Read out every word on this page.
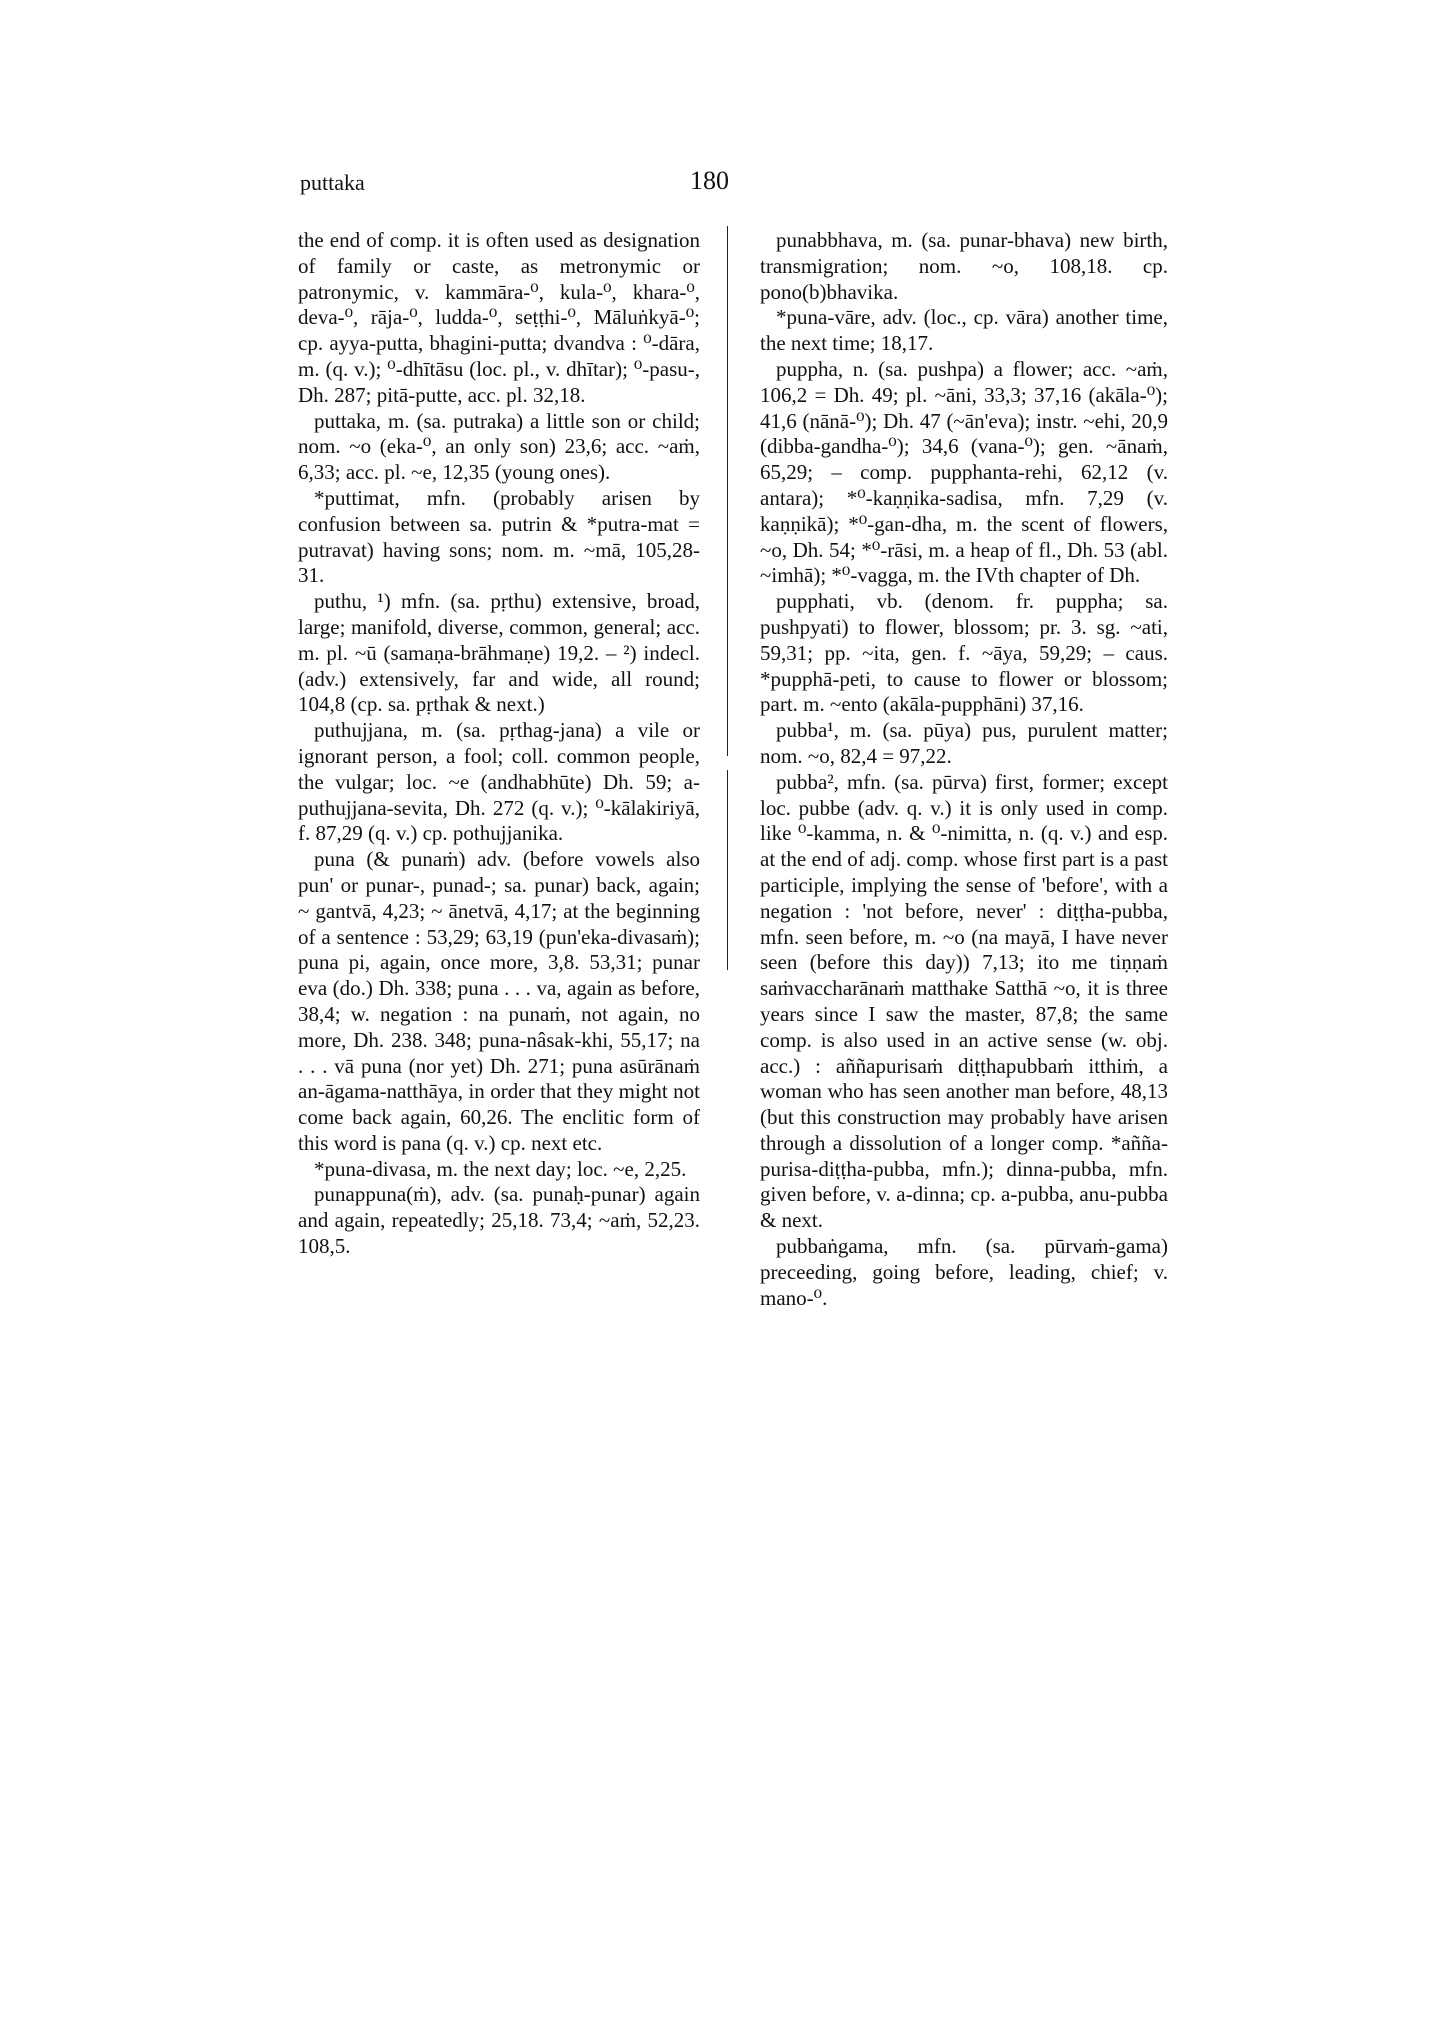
puttaka	180

the end of comp. it is often used as designation of family or caste, as metronymic or patronymic, v. kammāra-⁰, kula-⁰, khara-⁰, deva-⁰, rāja-⁰, ludda-⁰, seṭṭhi-⁰, Māluṅkyā-⁰; cp. ayya-putta, bhagini-putta; dvandva : ⁰-dāra, m. (q. v.); ⁰-dhītāsu (loc. pl., v. dhītar); ⁰-pasu-, Dh. 287; pitā-putte, acc. pl. 32,18.

puttaka, m. (sa. putraka) a little son or child; nom. ~o (eka-⁰, an only son) 23,6; acc. ~aṁ, 6,33; acc. pl. ~e, 12,35 (young ones).

*puttimat, mfn. (probably arisen by confusion between sa. putrin & *putra-mat = putravat) having sons; nom. m. ~mā, 105,28-31.

puthu, ¹) mfn. (sa. pṛthu) extensive, broad, large; manifold, diverse, common, general; acc. m. pl. ~ū (samaṇa-brāhmaṇe) 19,2. – ²) indecl. (adv.) extensively, far and wide, all round; 104,8 (cp. sa. pṛthak & next.)

puthujjana, m. (sa. pṛthag-jana) a vile or ignorant person, a fool; coll. common people, the vulgar; loc. ~e (andhabhūte) Dh. 59; a-puthujjana-sevita, Dh. 272 (q. v.); ⁰-kālakiriyā, f. 87,29 (q. v.) cp. pothujjanika.

puna (& punaṁ) adv. (before vowels also pun' or punar-, punad-; sa. punar) back, again; ~ gantvā, 4,23; ~ ānetvā, 4,17; at the beginning of a sentence : 53,29; 63,19 (pun'eka-divasaṁ); puna pi, again, once more, 3,8. 53,31; punar eva (do.) Dh. 338; puna . . . va, again as before, 38,4; w. negation : na punaṁ, not again, no more, Dh. 238. 348; puna-nâsak-khi, 55,17; na . . . vā puna (nor yet) Dh. 271; puna asūrānaṁ an-āgama-natthāya, in order that they might not come back again, 60,26. The enclitic form of this word is pana (q. v.) cp. next etc.

*puna-divasa, m. the next day; loc. ~e, 2,25.

punappuna(ṁ), adv. (sa. punaḥ-punar) again and again, repeatedly; 25,18. 73,4; ~aṁ, 52,23. 108,5.

punabbhava, m. (sa. punar-bhava) new birth, transmigration; nom. ~o, 108,18. cp. pono(b)bhavika.

*puna-vāre, adv. (loc., cp. vāra) another time, the next time; 18,17.

puppha, n. (sa. pushpa) a flower; acc. ~aṁ, 106,2 = Dh. 49; pl. ~āni, 33,3; 37,16 (akāla-⁰); 41,6 (nānā-⁰); Dh. 47 (~ān'eva); instr. ~ehi, 20,9 (dibba-gandha-⁰); 34,6 (vana-⁰); gen. ~ānaṁ, 65,29; – comp. pupphanta-rehi, 62,12 (v. antara); *⁰-kaṇṇika-sadisa, mfn. 7,29 (v. kaṇṇikā); *⁰-gan-dha, m. the scent of flowers, ~o, Dh. 54; *⁰-rāsi, m. a heap of fl., Dh. 53 (abl. ~imhā); *⁰-vagga, m. the IVth chapter of Dh.

pupphati, vb. (denom. fr. puppha; sa. pushpyati) to flower, blossom; pr. 3. sg. ~ati, 59,31; pp. ~ita, gen. f. ~āya, 59,29; – caus. *pupphā-peti, to cause to flower or blossom; part. m. ~ento (akāla-pupphāni) 37,16.

pubba¹, m. (sa. pūya) pus, purulent matter; nom. ~o, 82,4 = 97,22.

pubba², mfn. (sa. pūrva) first, former; except loc. pubbe (adv. q. v.) it is only used in comp. like ⁰-kamma, n. & ⁰-nimitta, n. (q. v.) and esp. at the end of adj. comp. whose first part is a past participle, implying the sense of 'before', with a negation : 'not before, never' : diṭṭha-pubba, mfn. seen before, m. ~o (na mayā, I have never seen (before this day)) 7,13; ito me tiṇṇaṁ saṁvaccharānaṁ matthake Satthā ~o, it is three years since I saw the master, 87,8; the same comp. is also used in an active sense (w. obj. acc.) : aññapurisaṁ diṭṭhapubbaṁ itthiṁ, a woman who has seen another man before, 48,13 (but this construction may probably have arisen through a dissolution of a longer comp. *añña-purisa-diṭṭha-pubba, mfn.); dinna-pubba, mfn. given before, v. a-dinna; cp. a-pubba, anu-pubba & next.

pubbaṅgama, mfn. (sa. pūrvaṁ-gama) preceeding, going before, leading, chief; v. mano-⁰.
